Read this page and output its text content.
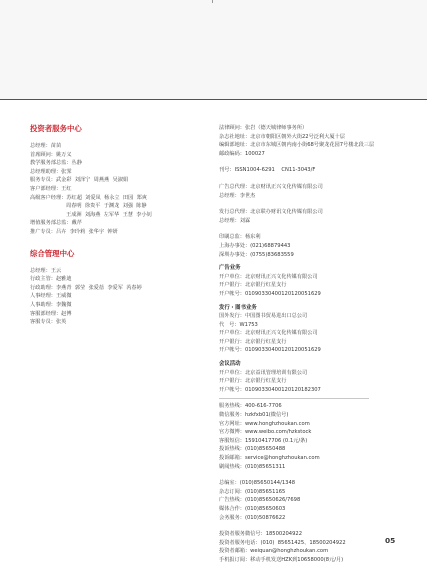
投资者服务中心
总经理：苗苗
首席顾问：姚万义
教学服务部总监：丛静
总经理助理：张霁
服务专员：武金彩  刘泽宁  周燕燕  吴淑娟
客户部经理：王红
高级客户经理：苏红超  刘爱凤  杨永立  田园  郑爽
周春明  徐贵平  于渊龙  刘强  陈静
王成洲  刘海燕  左军华  王慧  李小钊
增值服务部总监：戴芹
推广专员：吕卉  李玲莉  张华宇  钟妍
综合管理中心
总经理：王云
行政主管：赵雅迪
行政助理：李燕青  郭莹  张爱蓓  李爱军  芮春婷
人事经理：王威微
人事助理：李魏微
客服部经理：赵博
客服专员：张英
法律顾问：张岩（德天城律师事务所）
杂志社地址：北京市朝阳区朝外大街22号泛利大厦十层
编辑部地址：北京市东城区朝内南小街68号聚龙花园7号楼北段三层
邮政编码：100027
刊号：ISSN1004-6291    CN11-3043/F
广告总代理：北京财讯正兴文化传媒有限公司
总经理：李世杰
发行总代理：北京联办财讯文化传媒有限公司
总经理：刘霖
印刷总监：杨东利
上海办事处：(021)68879443
深圳办事处：(0755)83683559
广告业务
开户单位：北京财讯正兴文化传媒有限公司
开户银行：北京银行红星支行
开户帐号：01090330400120120051629
发行・图书业务
国外发行：中国图书贸易进出口总公司
代   号：W1753
开户单位：北京财讯正兴文化传媒有限公司
开户银行：北京银行红星支行
开户帐号：01090330400120120051629
会议活动
开户单位：北京益讯管理培训有限公司
开户银行：北京银行红星支行
开户帐号：01090330400120120182307
服务热线：400-616-7706
微信服务：hzkfxb01(微信号)
官方网址：www.honghzhoukan.com
官方微博：www.weibo.com/hzkstock
客服短信：15910417706 (0.1元/条)
投诉热线：(010)85650488
投诉邮箱：service@honghzhoukan.com
刷阅热线：(010)85651311
总编室：(010)85650144/1348
杂志订阅：(010)85651165
广告热线：(010)85650626/7698
媒体合作：(010)85650603
会务服务：(010)50876622
投资者服务微信号：18500204922
投资者服务电话：(010)  85651425、18500204922
投资者邮箱：weiquan@honghzhoukan.com
手机报订阅：移动手机发送HZK到10658000(8元/月)
05
